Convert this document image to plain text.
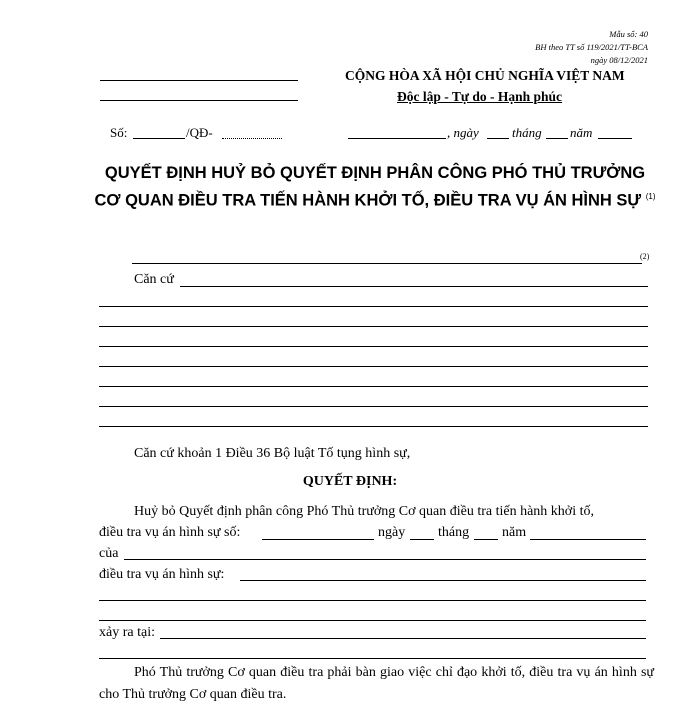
Mẫu số: 40
BH theo TT số 119/2021/TT-BCA
ngày 08/12/2021
CỘNG HÒA XÃ HỘI CHỦ NGHĨA VIỆT NAM
Độc lập - Tự do - Hạnh phúc
Số:	/QĐ-	, ngày	tháng năm
QUYẾT ĐỊNH HUỶ BỎ QUYẾT ĐỊNH PHÂN CÔNG PHÓ THỦ TRƯỞNG CƠ QUAN ĐIỀU TRA TIẾN HÀNH KHỞI TỐ, ĐIỀU TRA VỤ ÁN HÌNH SỰ $^{(1)}$
(2)
Căn cứ
Căn cứ khoản 1 Điều 36 Bộ luật Tố tụng hình sự,
QUYẾT ĐỊNH:
Huỷ bỏ Quyết định phân công Phó Thủ trưởng Cơ quan điều tra tiến hành khởi tố,
điều tra vụ án hình sự số:	ngày tháng năm
của
điều tra vụ án hình sự:
xảy ra tại:
Phó Thủ trưởng Cơ quan điều tra phải bàn giao việc chỉ đạo khởi tố, điều tra vụ án hình sự cho Thủ trưởng Cơ quan điều tra.
